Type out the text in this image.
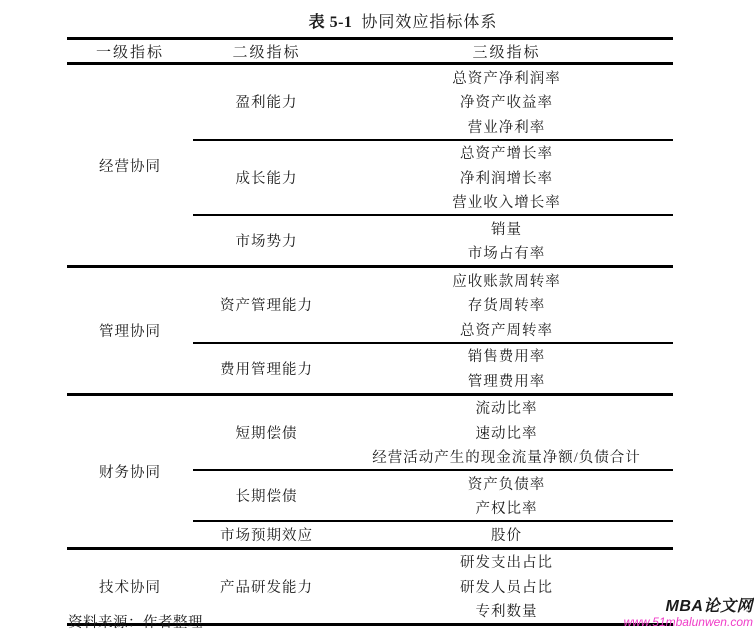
表 5-1 协同效应指标体系
一级指标	二级指标	三级指标
经营协同	盈利能力	总资产净利润率
		净资产收益率
		营业净利率
	成长能力	总资产增长率
		净利润增长率
		营业收入增长率
	市场势力	销量
		市场占有率
管理协同	资产管理能力	应收账款周转率
		存货周转率
		总资产周转率
	费用管理能力	销售费用率
		管理费用率
财务协同	短期偿债	流动比率
		速动比率
		经营活动产生的现金流量净额/负债合计
	长期偿债	资产负债率
		产权比率
	市场预期效应	股价
技术协同	产品研发能力	研发支出占比
		研发人员占比
		专利数量
资料来源：作者整理
MBA论文网
www.51mbalunwen.com
